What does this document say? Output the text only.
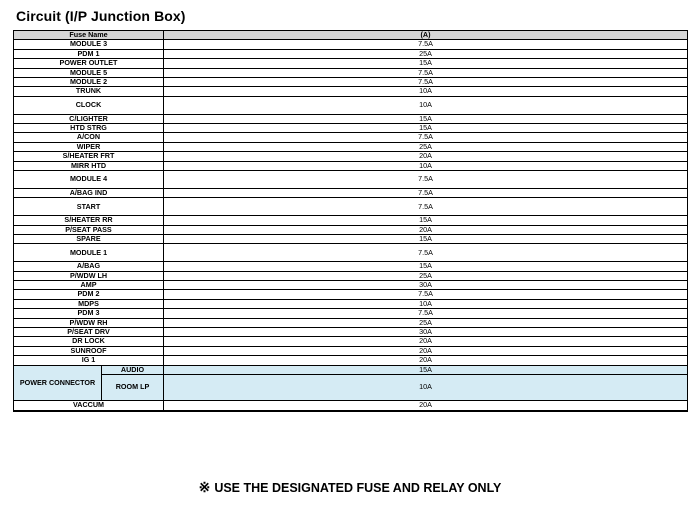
Circuit (I/P Junction Box)
Fuse Name		(A)	
MODULE 3		7.5A	

PDM 1		25A	

POWER OUTLET		15A	

MODULE 5		7.5A	

MODULE 2		7.5A	

TRUNK		10A	

CLOCK		10A	

C/LIGHTER		15A	

HTD STRG		15A	

A/CON		7.5A	

WIPER		25A	

S/HEATER FRT		20A	

MIRR HTD		10A	

MODULE 4		7.5A	

A/BAG IND		7.5A	

START		7.5A	

S/HEATER RR		15A	

P/SEAT PASS		20A	

SPARE		15A	

MODULE 1		7.5A	

A/BAG		15A	

P/WDW LH		25A	

AMP		30A	

PDM 2		7.5A	

MDPS		10A	

PDM 3		7.5A	

P/WDW RH		25A	

P/SEAT DRV		30A	

DR LOCK		20A	

SUNROOF		20A	

IG 1		20A	

POWER CONNECTOR	AUDIO	15A	

	ROOM LP	10A	

VACCUM		20A	
※ USE THE DESIGNATED FUSE AND RELAY ONLY
